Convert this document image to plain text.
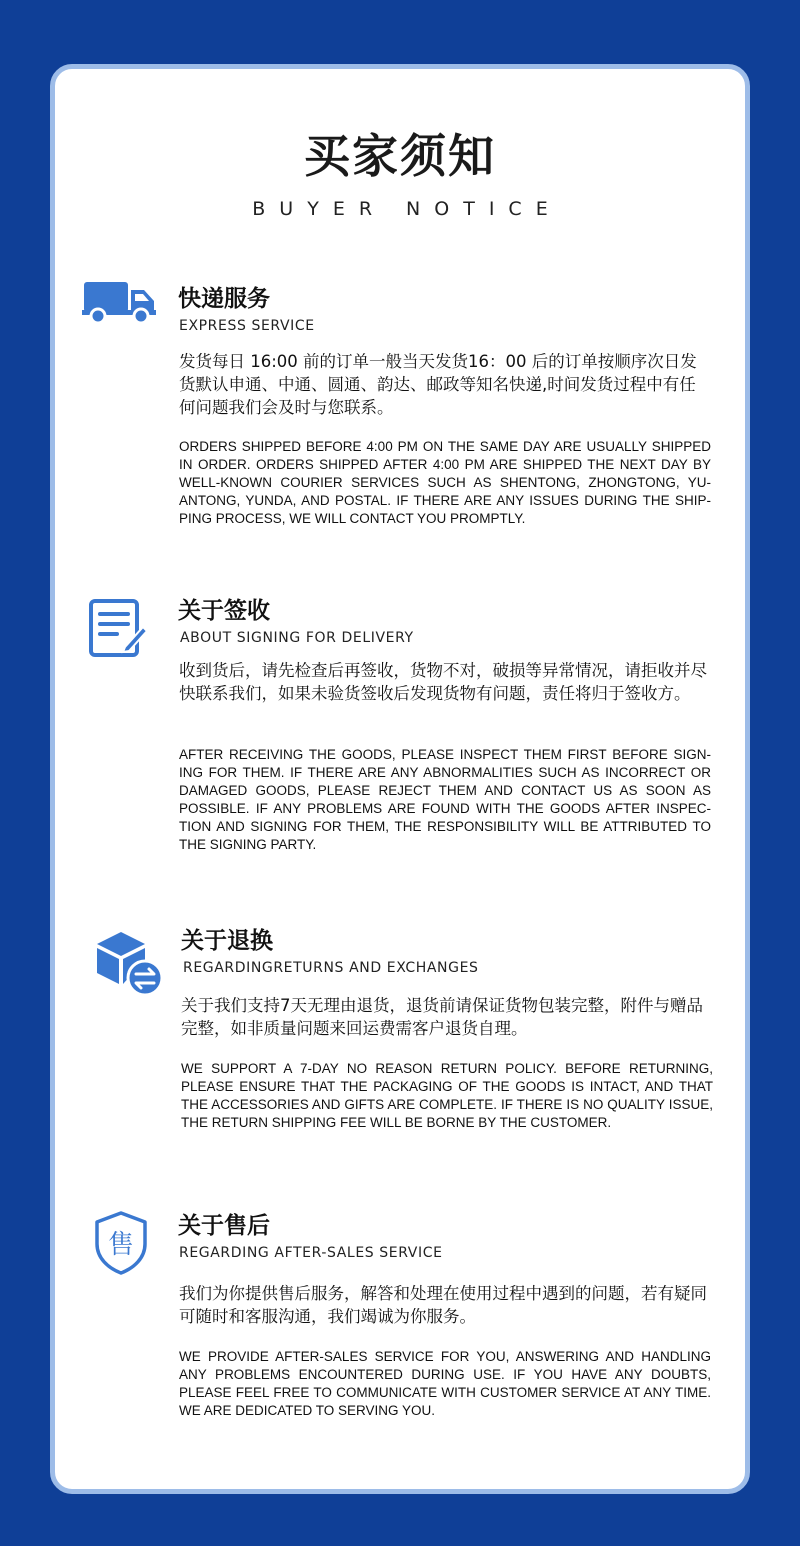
买家须知
BUYER NOTICE
快递服务
EXPRESS SERVICE
发货每日 16:00 前的订单一般当天发货16：00 后的订单按顺序次日发货默认申通、中通、圆通、韵达、邮政等知名快递,时间发货过程中有任何问题我们会及时与您联系。
ORDERS SHIPPED BEFORE 4:00 PM ON THE SAME DAY ARE USUALLY SHIPPED IN ORDER. ORDERS SHIPPED AFTER 4:00 PM ARE SHIPPED THE NEXT DAY BY WELL-KNOWN COURIER SERVICES SUCH AS SHENTONG, ZHONGTONG, YU-ANTONG, YUNDA, AND POSTAL. IF THERE ARE ANY ISSUES DURING THE SHIP-PING PROCESS, WE WILL CONTACT YOU PROMPTLY.
关于签收
ABOUT SIGNING FOR DELIVERY
收到货后，请先检查后再签收，货物不对，破损等异常情况，请拒收并尽快联系我们，如果未验货签收后发现货物有问题，责任将归于签收方。
AFTER RECEIVING THE GOODS, PLEASE INSPECT THEM FIRST BEFORE SIGN-ING FOR THEM. IF THERE ARE ANY ABNORMALITIES SUCH AS INCORRECT OR DAMAGED GOODS, PLEASE REJECT THEM AND CONTACT US AS SOON AS POSSIBLE. IF ANY PROBLEMS ARE FOUND WITH THE GOODS AFTER INSPEC-TION AND SIGNING FOR THEM, THE RESPONSIBILITY WILL BE ATTRIBUTED TO THE SIGNING PARTY.
关于退换
REGARDINGRETURNS AND EXCHANGES
关于我们支持7天无理由退货，退货前请保证货物包装完整，附件与赠品完整，如非质量问题来回运费需客户退货自理。
WE SUPPORT A 7-DAY NO REASON RETURN POLICY. BEFORE RETURNING, PLEASE ENSURE THAT THE PACKAGING OF THE GOODS IS INTACT, AND THAT THE ACCESSORIES AND GIFTS ARE COMPLETE. IF THERE IS NO QUALITY ISSUE, THE RETURN SHIPPING FEE WILL BE BORNE BY THE CUSTOMER.
售
关于售后
REGARDING AFTER-SALES SERVICE
我们为你提供售后服务，解答和处理在使用过程中遇到的问题，若有疑同可随时和客服沟通，我们竭诚为你服务。
WE PROVIDE AFTER-SALES SERVICE FOR YOU, ANSWERING AND HANDLING ANY PROBLEMS ENCOUNTERED DURING USE. IF YOU HAVE ANY DOUBTS, PLEASE FEEL FREE TO COMMUNICATE WITH CUSTOMER SERVICE AT ANY TIME. WE ARE DEDICATED TO SERVING YOU.
